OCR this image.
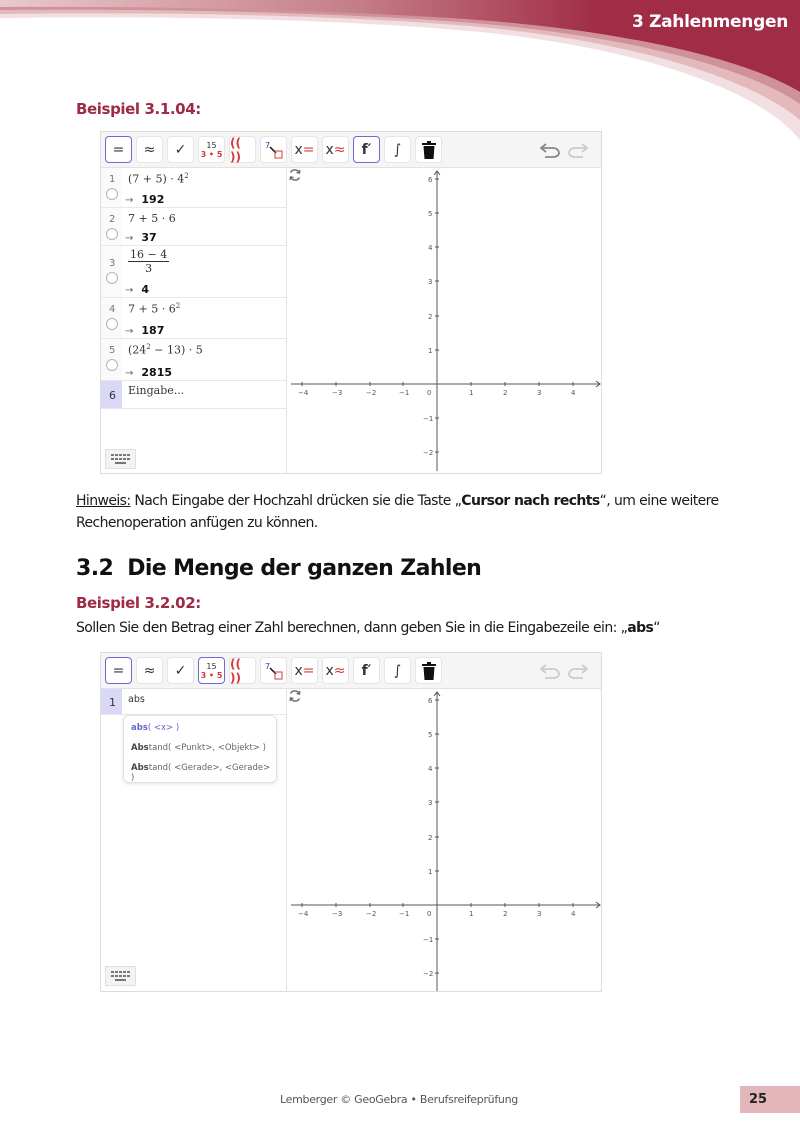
3 Zahlenmengen
Beispiel 3.1.04:
= ≈ ✓	15
3 • 5
(( ))
7 x = x ≈ f′ ∫
1 $(7 + 5) \cdot 4^2$
→ 192
2 7 + 5 · 6
→ 37
$3 \frac{16 - 4}{3}$
→ 4
4 $7 + 5 \cdot 6^2$
→ 187
5 $(24^2 - 13) \cdot 5$
→ 2815
6 Eingabe...	−4	−3	−2	−1	0	1	2	3	4
6
5
4
3
2
1
−1
−2
Hinweis: Nach Eingabe der Hochzahl drücken sie die Taste „Cursor nach rechts“, um eine weitere Rechenoperation anfügen zu können.
3.2 Die Menge der ganzen Zahlen
Beispiel 3.2.02:
Sollen Sie den Betrag einer Zahl berechnen, dann geben Sie in die Eingabezeile ein: „abs“
= ≈ ✓	15
3 • 5
(( ))
7 x = x ≈ f′ ∫
1 abs
abs( <x> )
Abstand( <Punkt>, <Objekt> )
Abstand( <Gerade>, <Gerade> )
−4	−3	−2	−1	0	1	2	3	4
6
5
4
3
2
1
−1
−2
Lemberger © GeoGebra • Berufsreifeprüfung	25
